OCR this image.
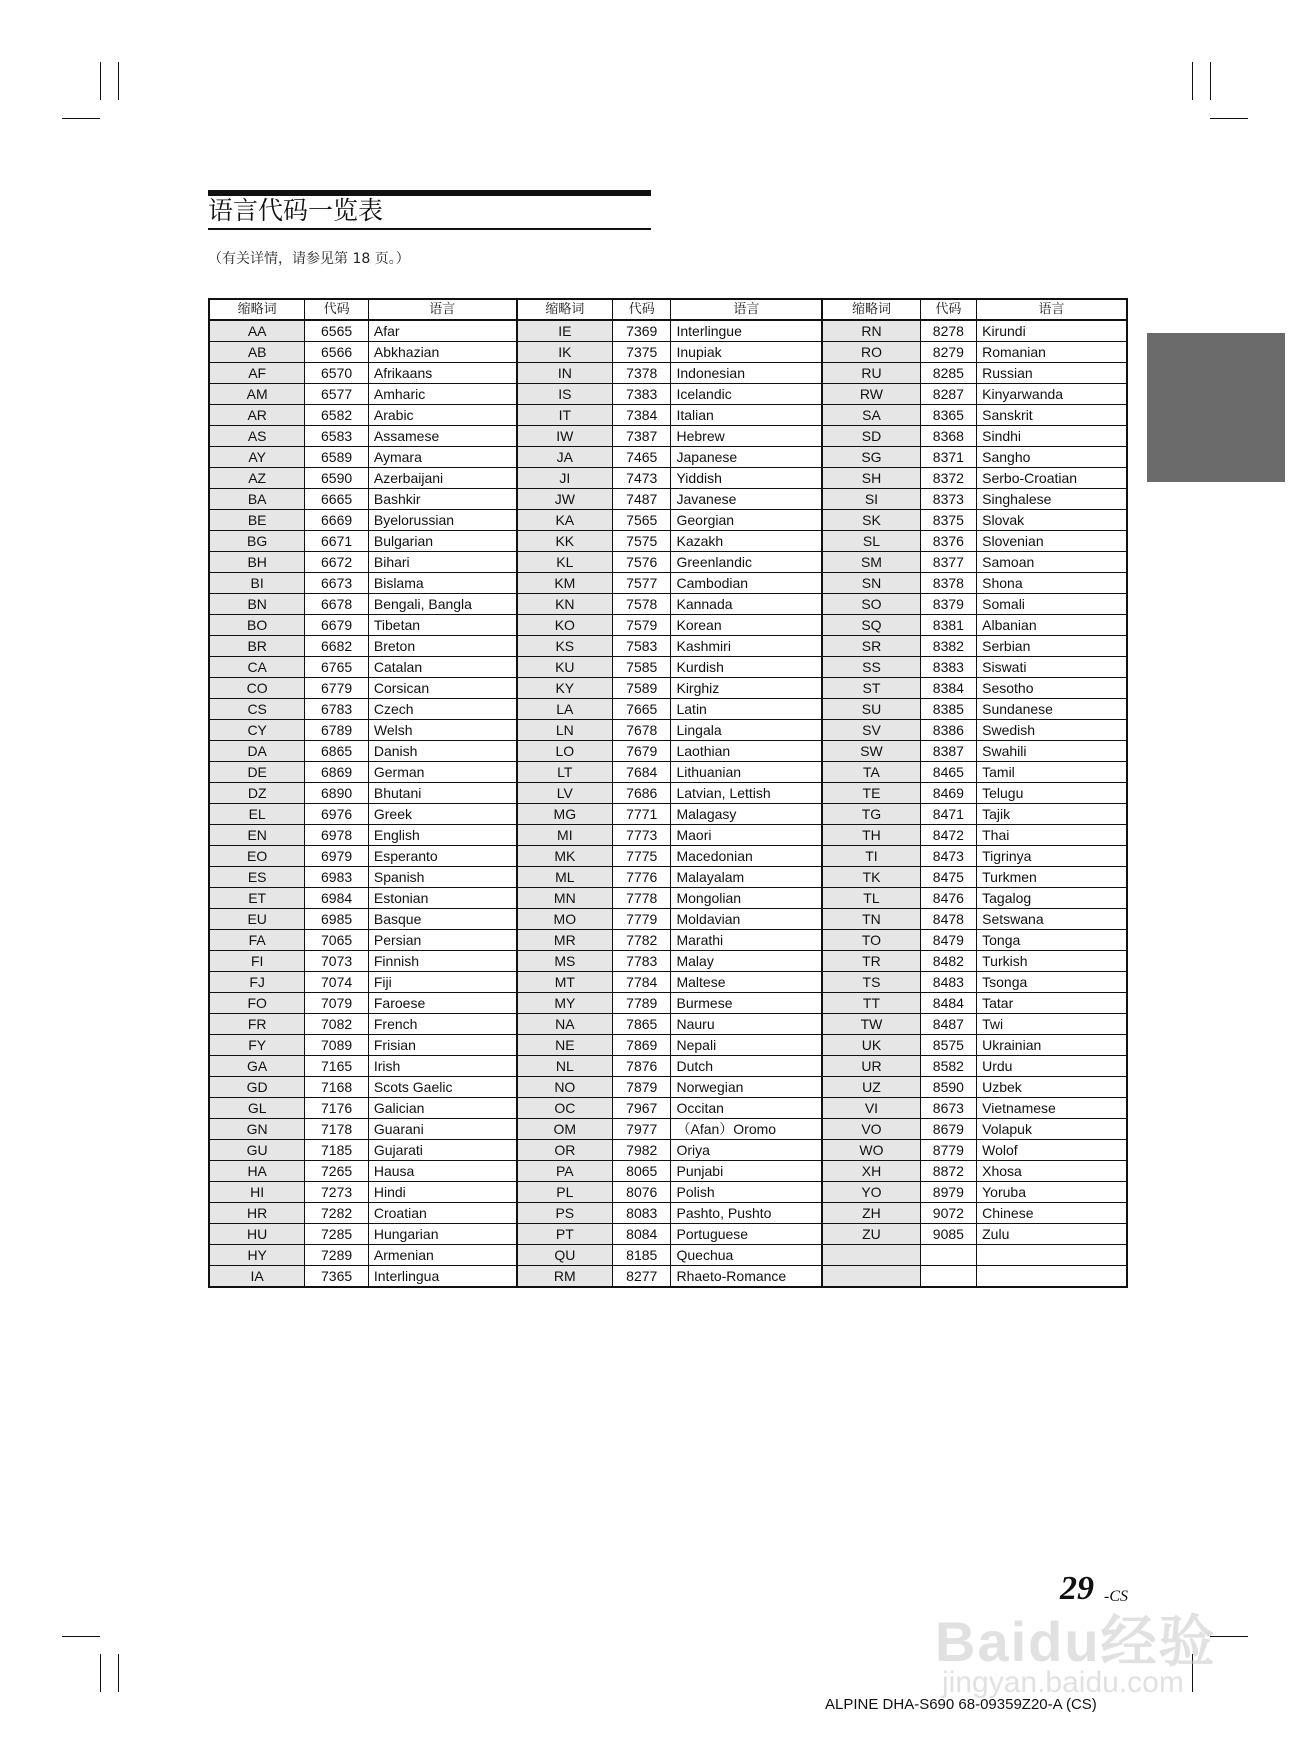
语言代码一览表
（有关详情，请参见第 18 页。）
缩略词	代码	语言	缩略词	代码	语言	缩略词	代码	语言
AA	6565	Afar	IE	7369	Interlingue	RN	8278	Kirundi
AB	6566	Abkhazian	IK	7375	Inupiak	RO	8279	Romanian
AF	6570	Afrikaans	IN	7378	Indonesian	RU	8285	Russian
AM	6577	Amharic	IS	7383	Icelandic	RW	8287	Kinyarwanda
AR	6582	Arabic	IT	7384	Italian	SA	8365	Sanskrit
AS	6583	Assamese	IW	7387	Hebrew	SD	8368	Sindhi
AY	6589	Aymara	JA	7465	Japanese	SG	8371	Sangho
AZ	6590	Azerbaijani	JI	7473	Yiddish	SH	8372	Serbo-Croatian
BA	6665	Bashkir	JW	7487	Javanese	SI	8373	Singhalese
BE	6669	Byelorussian	KA	7565	Georgian	SK	8375	Slovak
BG	6671	Bulgarian	KK	7575	Kazakh	SL	8376	Slovenian
BH	6672	Bihari	KL	7576	Greenlandic	SM	8377	Samoan
BI	6673	Bislama	KM	7577	Cambodian	SN	8378	Shona
BN	6678	Bengali, Bangla	KN	7578	Kannada	SO	8379	Somali
BO	6679	Tibetan	KO	7579	Korean	SQ	8381	Albanian
BR	6682	Breton	KS	7583	Kashmiri	SR	8382	Serbian
CA	6765	Catalan	KU	7585	Kurdish	SS	8383	Siswati
CO	6779	Corsican	KY	7589	Kirghiz	ST	8384	Sesotho
CS	6783	Czech	LA	7665	Latin	SU	8385	Sundanese
CY	6789	Welsh	LN	7678	Lingala	SV	8386	Swedish
DA	6865	Danish	LO	7679	Laothian	SW	8387	Swahili
DE	6869	German	LT	7684	Lithuanian	TA	8465	Tamil
DZ	6890	Bhutani	LV	7686	Latvian, Lettish	TE	8469	Telugu
EL	6976	Greek	MG	7771	Malagasy	TG	8471	Tajik
EN	6978	English	MI	7773	Maori	TH	8472	Thai
EO	6979	Esperanto	MK	7775	Macedonian	TI	8473	Tigrinya
ES	6983	Spanish	ML	7776	Malayalam	TK	8475	Turkmen
ET	6984	Estonian	MN	7778	Mongolian	TL	8476	Tagalog
EU	6985	Basque	MO	7779	Moldavian	TN	8478	Setswana
FA	7065	Persian	MR	7782	Marathi	TO	8479	Tonga
FI	7073	Finnish	MS	7783	Malay	TR	8482	Turkish
FJ	7074	Fiji	MT	7784	Maltese	TS	8483	Tsonga
FO	7079	Faroese	MY	7789	Burmese	TT	8484	Tatar
FR	7082	French	NA	7865	Nauru	TW	8487	Twi
FY	7089	Frisian	NE	7869	Nepali	UK	8575	Ukrainian
GA	7165	Irish	NL	7876	Dutch	UR	8582	Urdu
GD	7168	Scots Gaelic	NO	7879	Norwegian	UZ	8590	Uzbek
GL	7176	Galician	OC	7967	Occitan	VI	8673	Vietnamese
GN	7178	Guarani	OM	7977	（Afan）Oromo	VO	8679	Volapuk
GU	7185	Gujarati	OR	7982	Oriya	WO	8779	Wolof
HA	7265	Hausa	PA	8065	Punjabi	XH	8872	Xhosa
HI	7273	Hindi	PL	8076	Polish	YO	8979	Yoruba
HR	7282	Croatian	PS	8083	Pashto, Pushto	ZH	9072	Chinese
HU	7285	Hungarian	PT	8084	Portuguese	ZU	9085	Zulu
HY	7289	Armenian	QU	8185	Quechua			
IA	7365	Interlingua	RM	8277	Rhaeto-Romance			
29 -CS
Baidu经验
jingyan.baidu.com
ALPINE DHA-S690 68-09359Z20-A (CS)
